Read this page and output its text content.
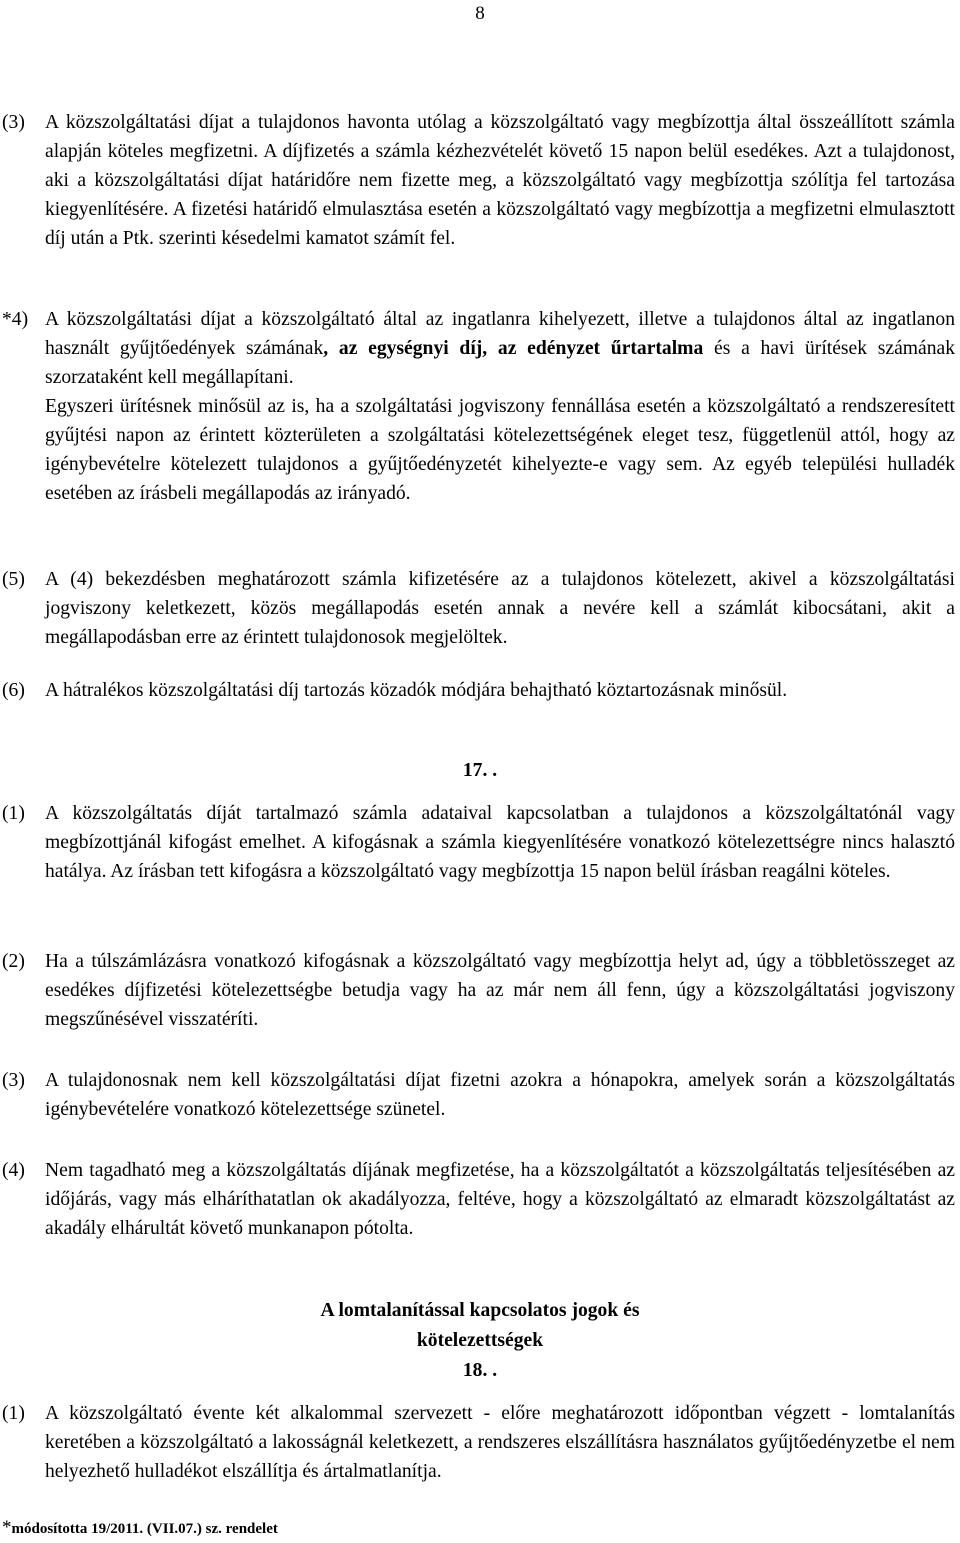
8
(3) A közszolgáltatási díjat a tulajdonos havonta utólag a közszolgáltató vagy megbízottja által összeállított számla alapján köteles megfizetni. A díjfizetés a számla kézhezvételét követő 15 napon belül esedékes. Azt a tulajdonost, aki a közszolgáltatási díjat határidőre nem fizette meg, a közszolgáltató vagy megbízottja szólítja fel tartozása kiegyenlítésére. A fizetési határidő elmulasztása esetén a közszolgáltató vagy megbízottja a megfizetni elmulasztott díj után a Ptk. szerinti késedelmi kamatot számít fel.
*4) A közszolgáltatási díjat a közszolgáltató által az ingatlanra kihelyezett, illetve a tulajdonos által az ingatlanon használt gyűjtőedények számának, az egységnyi díj, az edényzet űrtartalma és a havi ürítések számának szorzataként kell megállapítani.
Egyszeri ürítésnek minősül az is, ha a szolgáltatási jogviszony fennállása esetén a közszolgáltató a rendszeresített gyűjtési napon az érintett közterületen a szolgáltatási kötelezettségének eleget tesz, függetlenül attól, hogy az igénybevételre kötelezett tulajdonos a gyűjtőedényzetét kihelyezte-e vagy sem. Az egyéb települési hulladék esetében az írásbeli megállapodás az irányadó.
(5) A (4) bekezdésben meghatározott számla kifizetésére az a tulajdonos kötelezett, akivel a közszolgáltatási jogviszony keletkezett, közös megállapodás esetén annak a nevére kell a számlát kibocsátani, akit a megállapodásban erre az érintett tulajdonosok megjelöltek.
(6) A hátralékos közszolgáltatási díj tartozás közadók módjára behajtható köztartozásnak minősül.
17. .
(1) A közszolgáltatás díját tartalmazó számla adataival kapcsolatban a tulajdonos a közszolgáltatónál vagy megbízottjánál kifogást emelhet. A kifogásnak a számla kiegyenlítésére vonatkozó kötelezettségre nincs halasztó hatálya. Az írásban tett kifogásra a közszolgáltató vagy megbízottja 15 napon belül írásban reagálni köteles.
(2) Ha a túlszámlázásra vonatkozó kifogásnak a közszolgáltató vagy megbízottja helyt ad, úgy a többletösszeget az esedékes díjfizetési kötelezettségbe betudja vagy ha az már nem áll fenn, úgy a közszolgáltatási jogviszony megszűnésével visszatéríti.
(3) A tulajdonosnak nem kell közszolgáltatási díjat fizetni azokra a hónapokra, amelyek során a közszolgáltatás igénybevételére vonatkozó kötelezettsége szünetel.
(4) Nem tagadható meg a közszolgáltatás díjának megfizetése, ha a közszolgáltatót a közszolgáltatás teljesítésében az időjárás, vagy más elháríthatatlan ok akadályozza, feltéve, hogy a közszolgáltató az elmaradt közszolgáltatást az akadály elhárultát követő munkanapon pótolta.
A lomtalanítással kapcsolatos jogok és
kötelezettségek
18. .
(1) A közszolgáltató évente két alkalommal szervezett - előre meghatározott időpontban végzett - lomtalanítás keretében a közszolgáltató a lakosságnál keletkezett, a rendszeres elszállításra használatos gyűjtőedényzetbe el nem helyezhető hulladékot elszállítja és ártalmatlanítja.
*módosította 19/2011. (VII.07.) sz. rendelet
